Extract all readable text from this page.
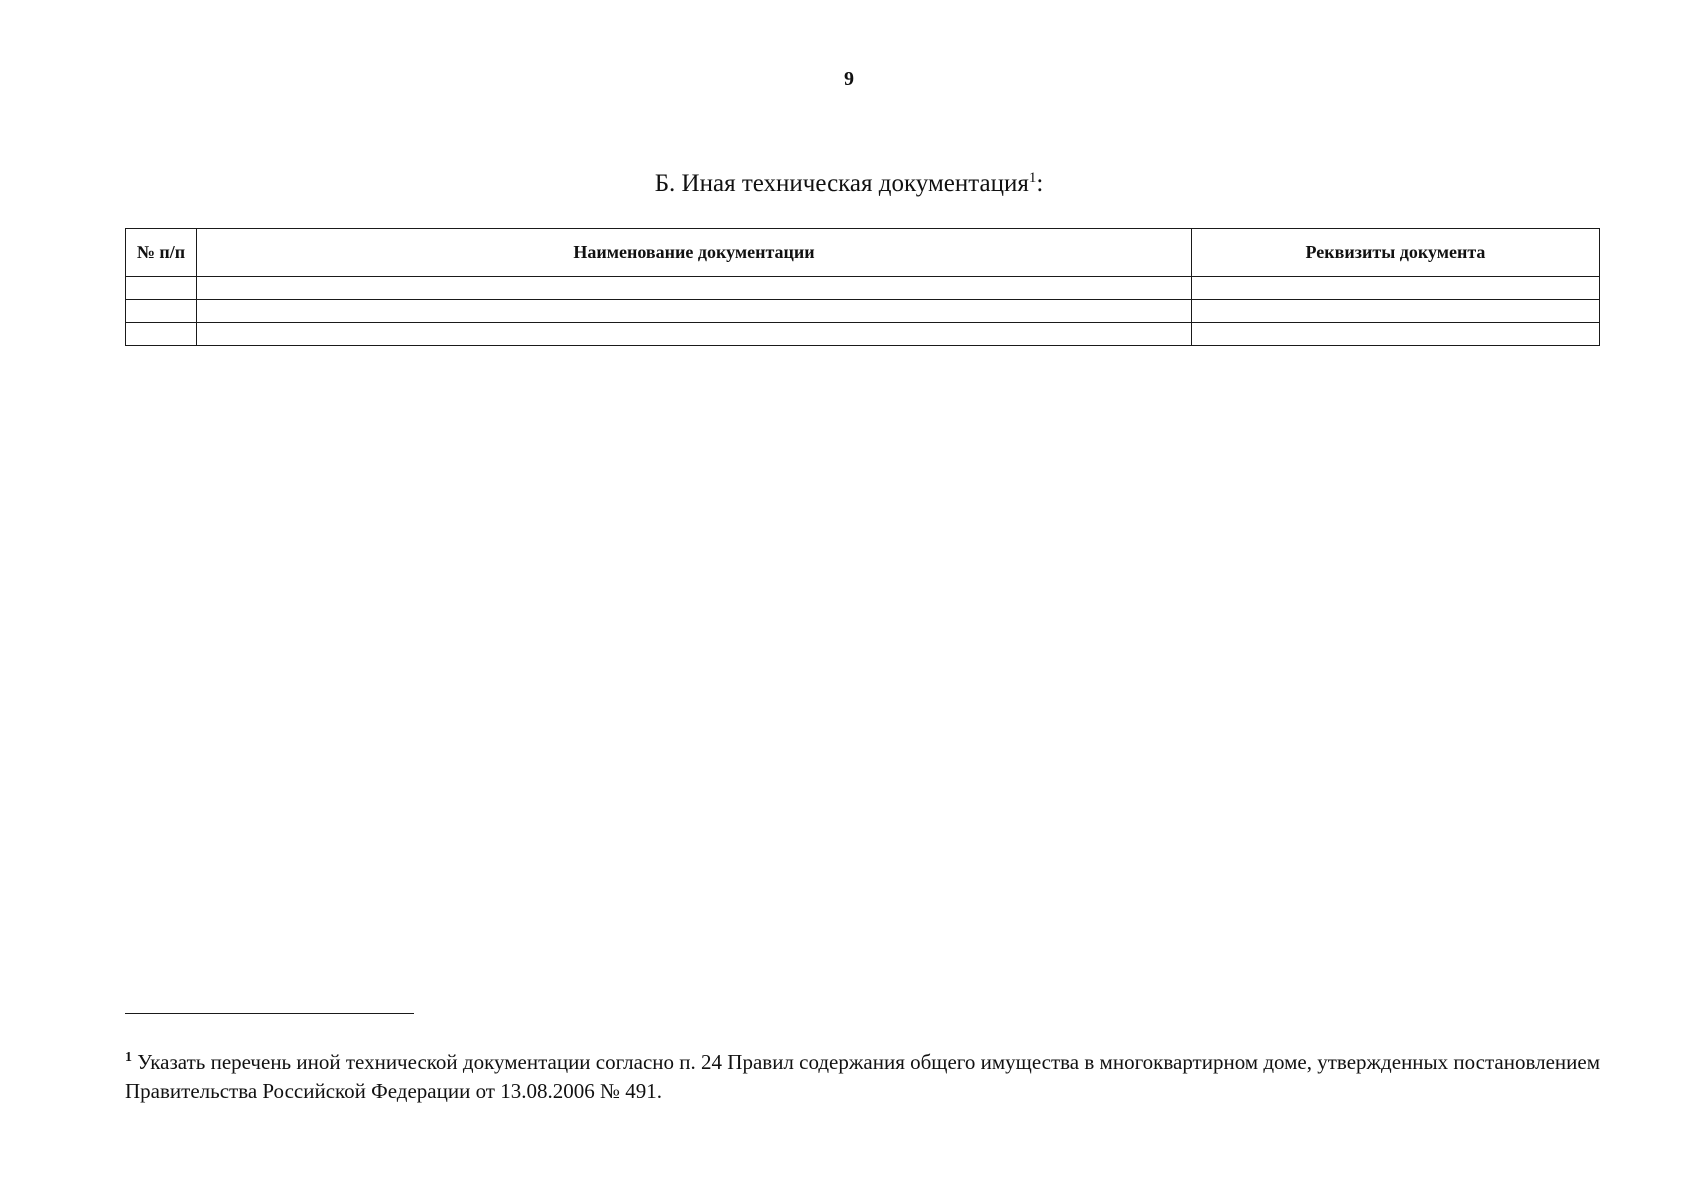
9
Б. Иная техническая документация$^1$:
№ п/п	Наименование документации	Реквизиты документа

$^1$ Указать перечень иной технической документации согласно п. 24 Правил содержания общего имущества в многоквартирном доме, утвержденных постановлением Правительства Российской Федерации от 13.08.2006 № 491.
